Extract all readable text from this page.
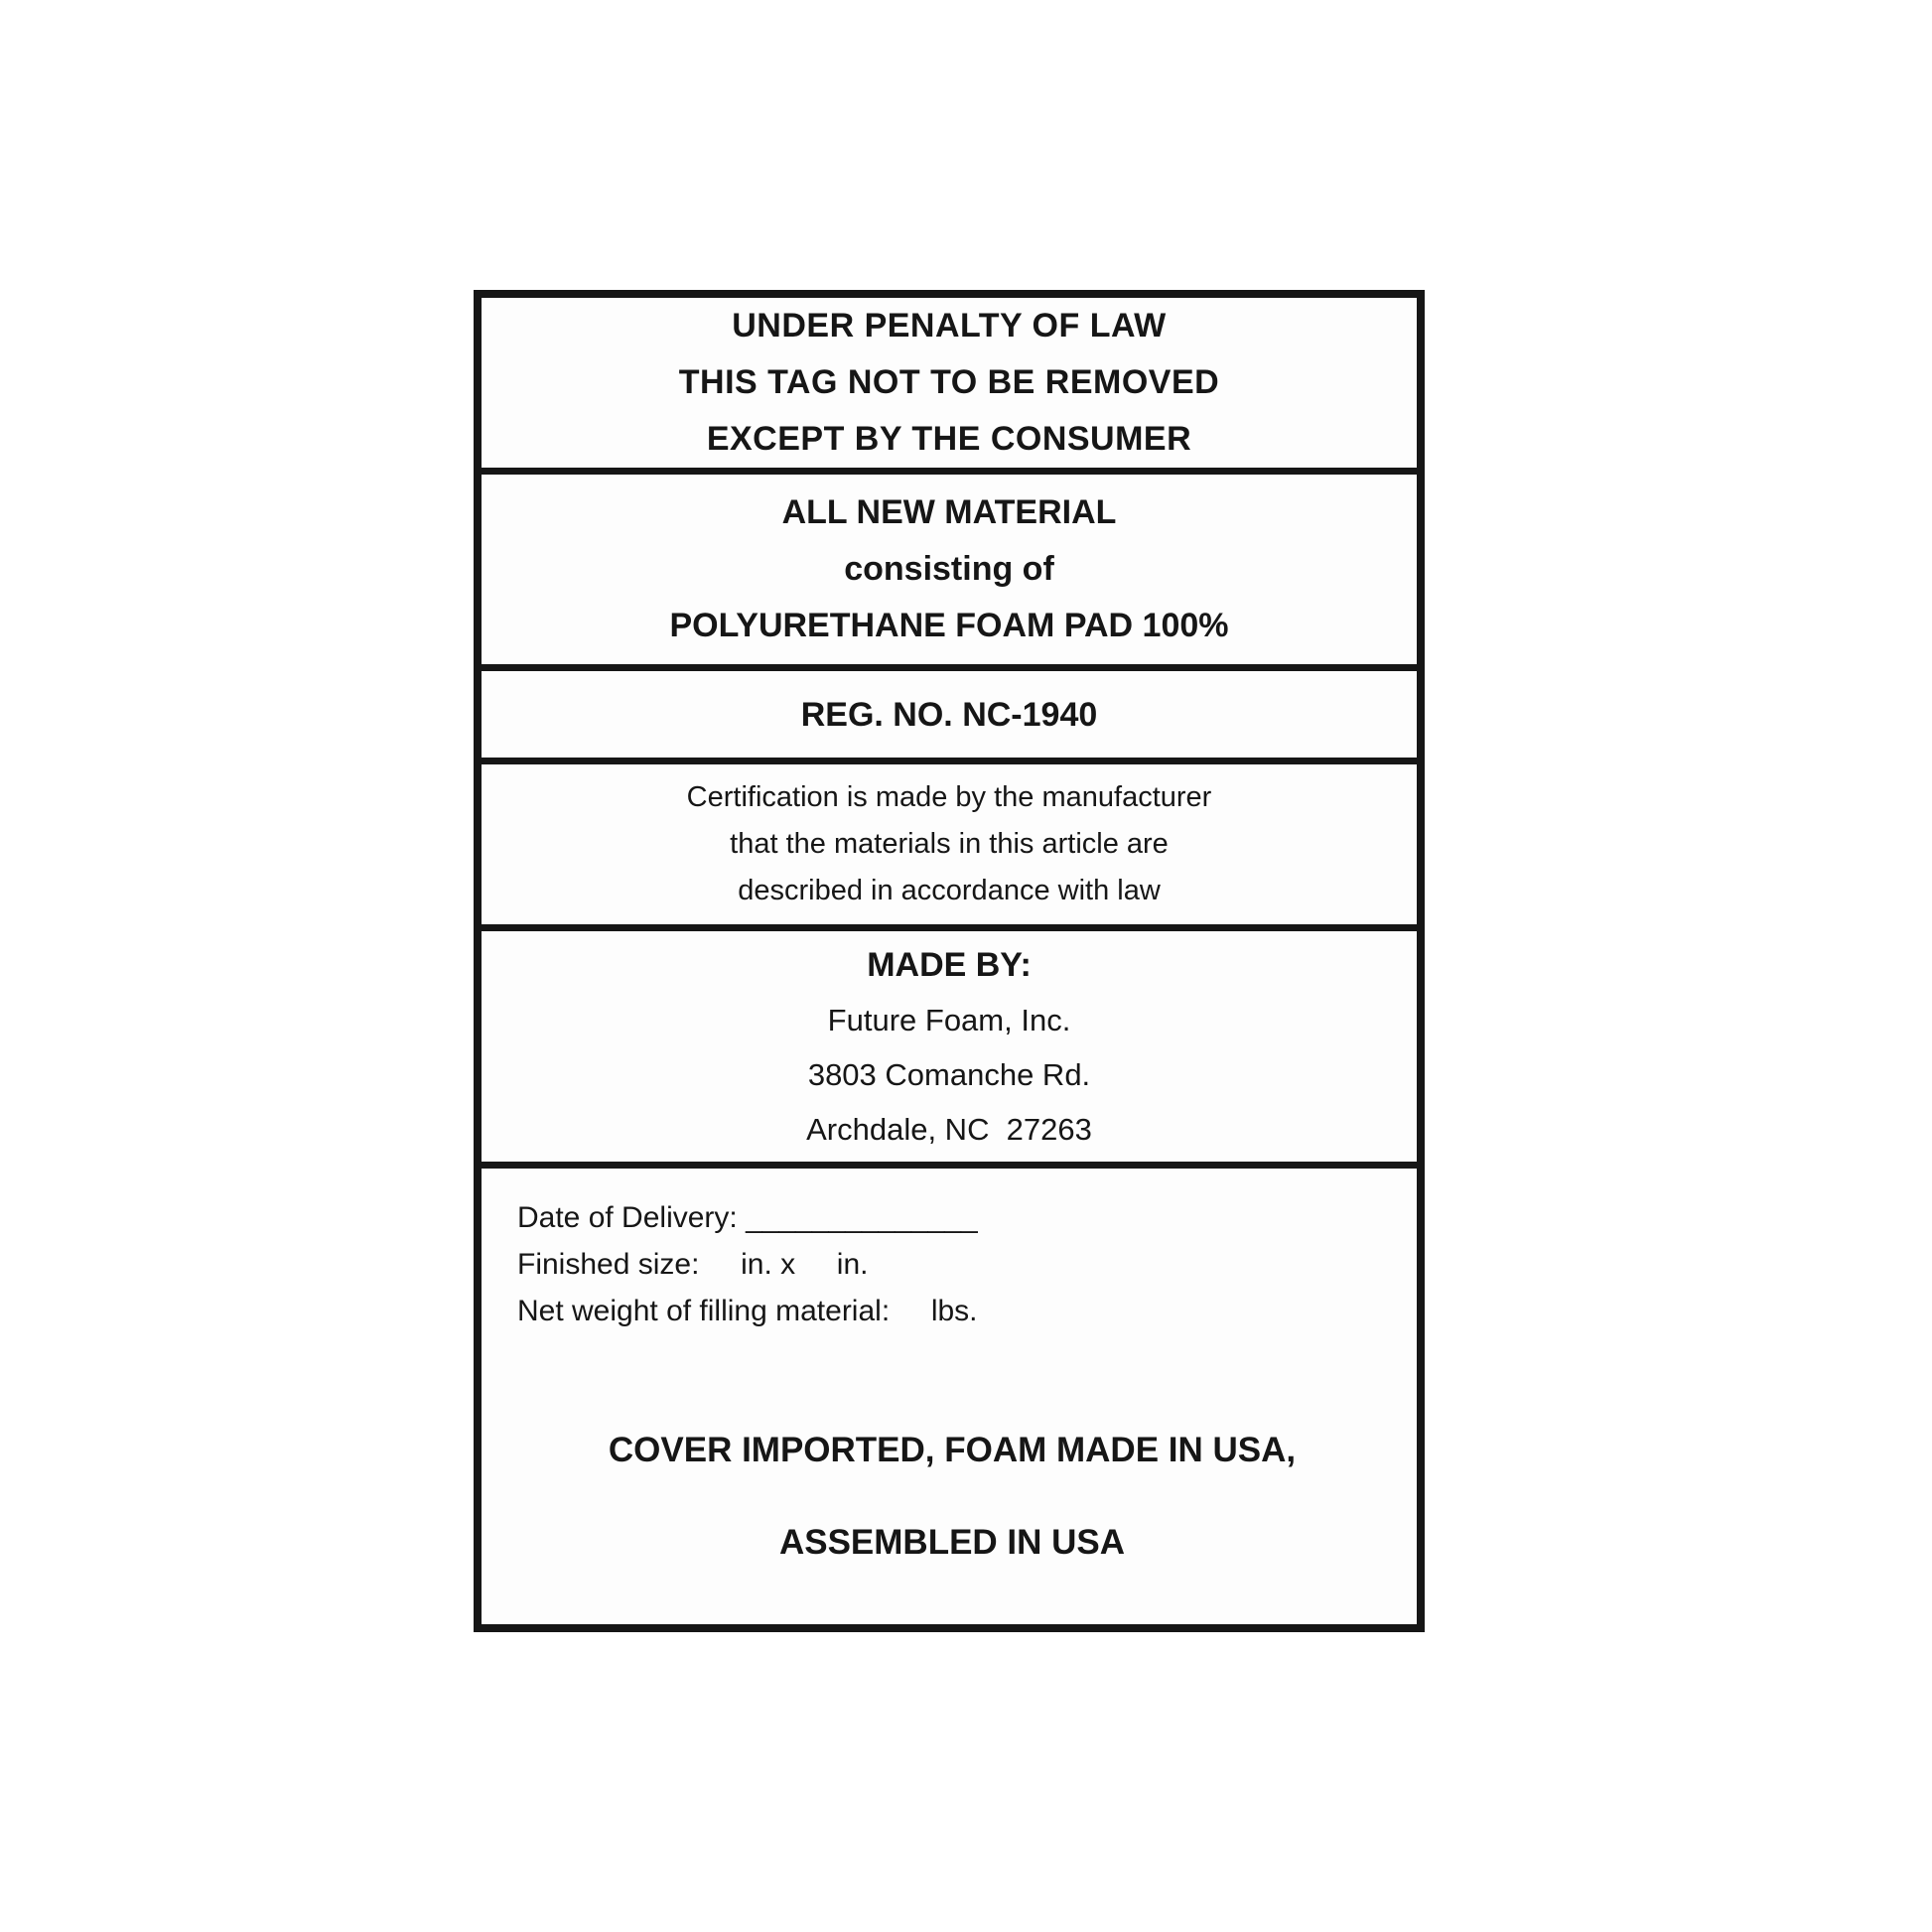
UNDER PENALTY OF LAW
THIS TAG NOT TO BE REMOVED
EXCEPT BY THE CONSUMER
ALL NEW MATERIAL
consisting of
POLYURETHANE FOAM PAD 100%
REG. NO. NC-1940
Certification is made by the manufacturer
that the materials in this article are
described in accordance with law
MADE BY:
Future Foam, Inc.
3803 Comanche Rd.
Archdale, NC  27263
Date of Delivery: ______________
Finished size:     in. x     in.
Net weight of filling material:     lbs.

COVER IMPORTED, FOAM MADE IN USA,

ASSEMBLED IN USA
